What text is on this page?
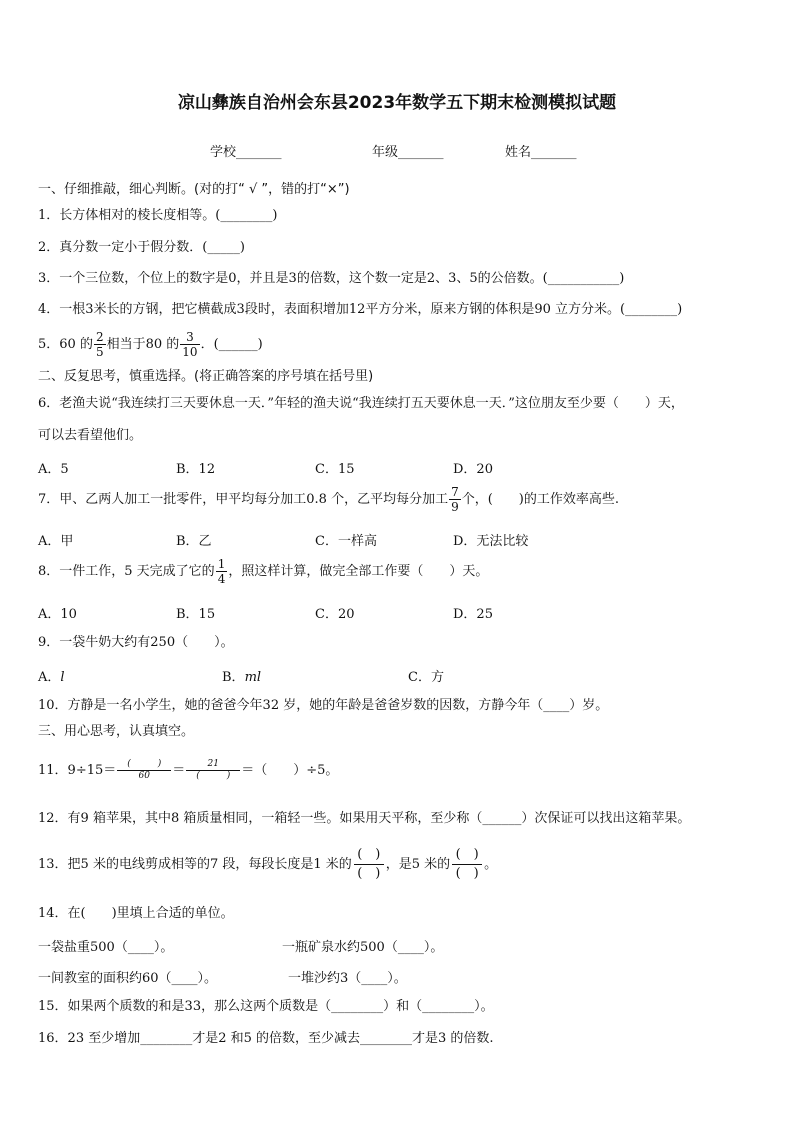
凉山彝族自治州会东县2023年数学五下期末检测模拟试题
学校_______	年级_______	姓名_______
一、仔细推敲，细心判断。(对的打“ √ ”，错的打“×”)
1．长方体相对的棱长度相等。(________)
2．真分数一定小于假分数．(_____)
3．一个三位数，个位上的数字是0，并且是3的倍数，这个数一定是2、3、5的公倍数。(___________)
4．一根3米长的方钢，把它横截成3段时，表面积增加12平方分米，原来方钢的体积是90 立方分米。(________)
5．60 的 $\frac{2}{5}$ 相当于80 的 $\frac{3}{10}$ ．(______)
二、反复思考，慎重选择。(将正确答案的序号填在括号里)
6．老渔夫说“我连续打三天要休息一天．”年轻的渔夫说“我连续打五天要休息一天．”这位朋友至少要（　　）天，
可以去看望他们。
A．5	B．12	C．15	D．20
7．甲、乙两人加工一批零件，甲平均每分加工0.8 个，乙平均每分加工 $\frac{7}{9}$ 个，(　　)的工作效率高些.
A．甲	B．乙	C．一样高	D．无法比较
8．一件工作，5 天完成了它的 $\frac{1}{4}$ ，照这样计算，做完全部工作要（　　）天。
A．10	B．15	C．20	D．25
9．一袋牛奶大约有250（　　）。
A．l	B．ml	C．方
10．方静是一名小学生，她的爸爸今年32 岁，她的年龄是爸爸岁数的因数，方静今年（____）岁。
三、用心思考，认真填空。
11．$9\div 15= \frac{( )}{60} = \frac{21}{( )}$ ＝（　　）÷5。
12．有9 箱苹果，其中8 箱质量相同，一箱轻一些。如果用天平称，至少称（______）次保证可以找出这箱苹果。
13．把5 米的电线剪成相等的7 段，每段长度是1 米的
(　)
(　)
，是5 米的
(　)
(　)
。
14．在(　　)里填上合适的单位。
一袋盐重500（____）。	一瓶矿泉水约500（____）。
一间教室的面积约60（____）。	一堆沙约3（____）。
15．如果两个质数的和是33，那么这两个质数是（________）和（________）。
16．23 至少增加________才是2 和5 的倍数，至少减去________才是3 的倍数.
